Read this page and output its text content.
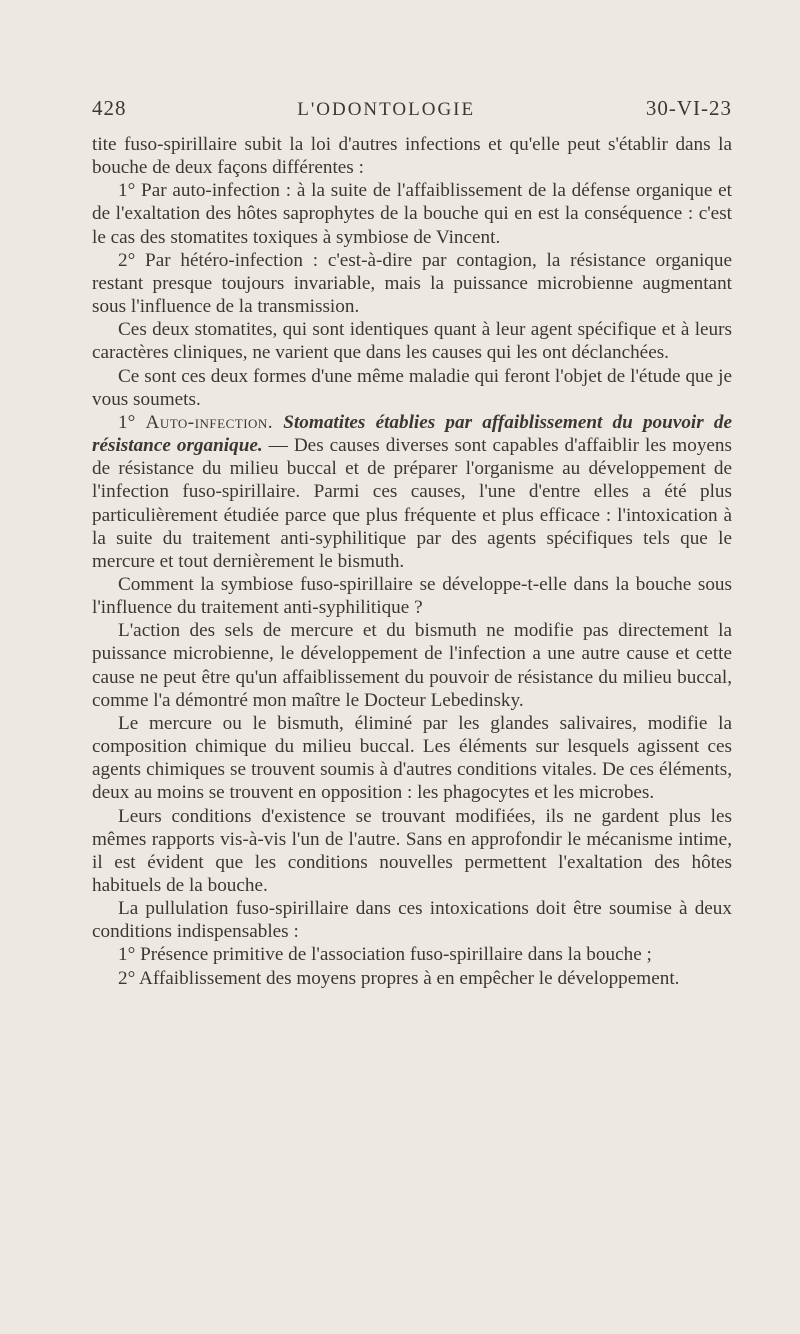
428	L'ODONTOLOGIE	30-VI-23

tite fuso-spirillaire subit la loi d'autres infections et qu'elle peut s'établir dans la bouche de deux façons différentes :

1° Par auto-infection : à la suite de l'affaiblissement de la défense organique et de l'exaltation des hôtes saprophytes de la bouche qui en est la conséquence : c'est le cas des stomatites toxiques à symbiose de Vincent.

2° Par hétéro-infection : c'est-à-dire par contagion, la résistance organique restant presque toujours invariable, mais la puissance microbienne augmentant sous l'influence de la transmission.

Ces deux stomatites, qui sont identiques quant à leur agent spécifique et à leurs caractères cliniques, ne varient que dans les causes qui les ont déclanchées.

Ce sont ces deux formes d'une même maladie qui feront l'objet de l'étude que je vous soumets.

1° Auto-infection. Stomatites établies par affaiblissement du pouvoir de résistance organique. — Des causes diverses sont capables d'affaiblir les moyens de résistance du milieu buccal et de préparer l'organisme au développement de l'infection fuso-spirillaire. Parmi ces causes, l'une d'entre elles a été plus particulièrement étudiée parce que plus fréquente et plus efficace : l'intoxication à la suite du traitement anti-syphilitique par des agents spécifiques tels que le mercure et tout dernièrement le bismuth.

Comment la symbiose fuso-spirillaire se développe-t-elle dans la bouche sous l'influence du traitement anti-syphilitique ?

L'action des sels de mercure et du bismuth ne modifie pas directement la puissance microbienne, le développement de l'infection a une autre cause et cette cause ne peut être qu'un affaiblissement du pouvoir de résistance du milieu buccal, comme l'a démontré mon maître le Docteur Lebedinsky.

Le mercure ou le bismuth, éliminé par les glandes salivaires, modifie la composition chimique du milieu buccal. Les éléments sur lesquels agissent ces agents chimiques se trouvent soumis à d'autres conditions vitales. De ces éléments, deux au moins se trouvent en opposition : les phagocytes et les microbes.

Leurs conditions d'existence se trouvant modifiées, ils ne gardent plus les mêmes rapports vis-à-vis l'un de l'autre. Sans en approfondir le mécanisme intime, il est évident que les conditions nouvelles permettent l'exaltation des hôtes habituels de la bouche.

La pullulation fuso-spirillaire dans ces intoxications doit être soumise à deux conditions indispensables :

1° Présence primitive de l'association fuso-spirillaire dans la bouche ;

2° Affaiblissement des moyens propres à en empêcher le développement.
